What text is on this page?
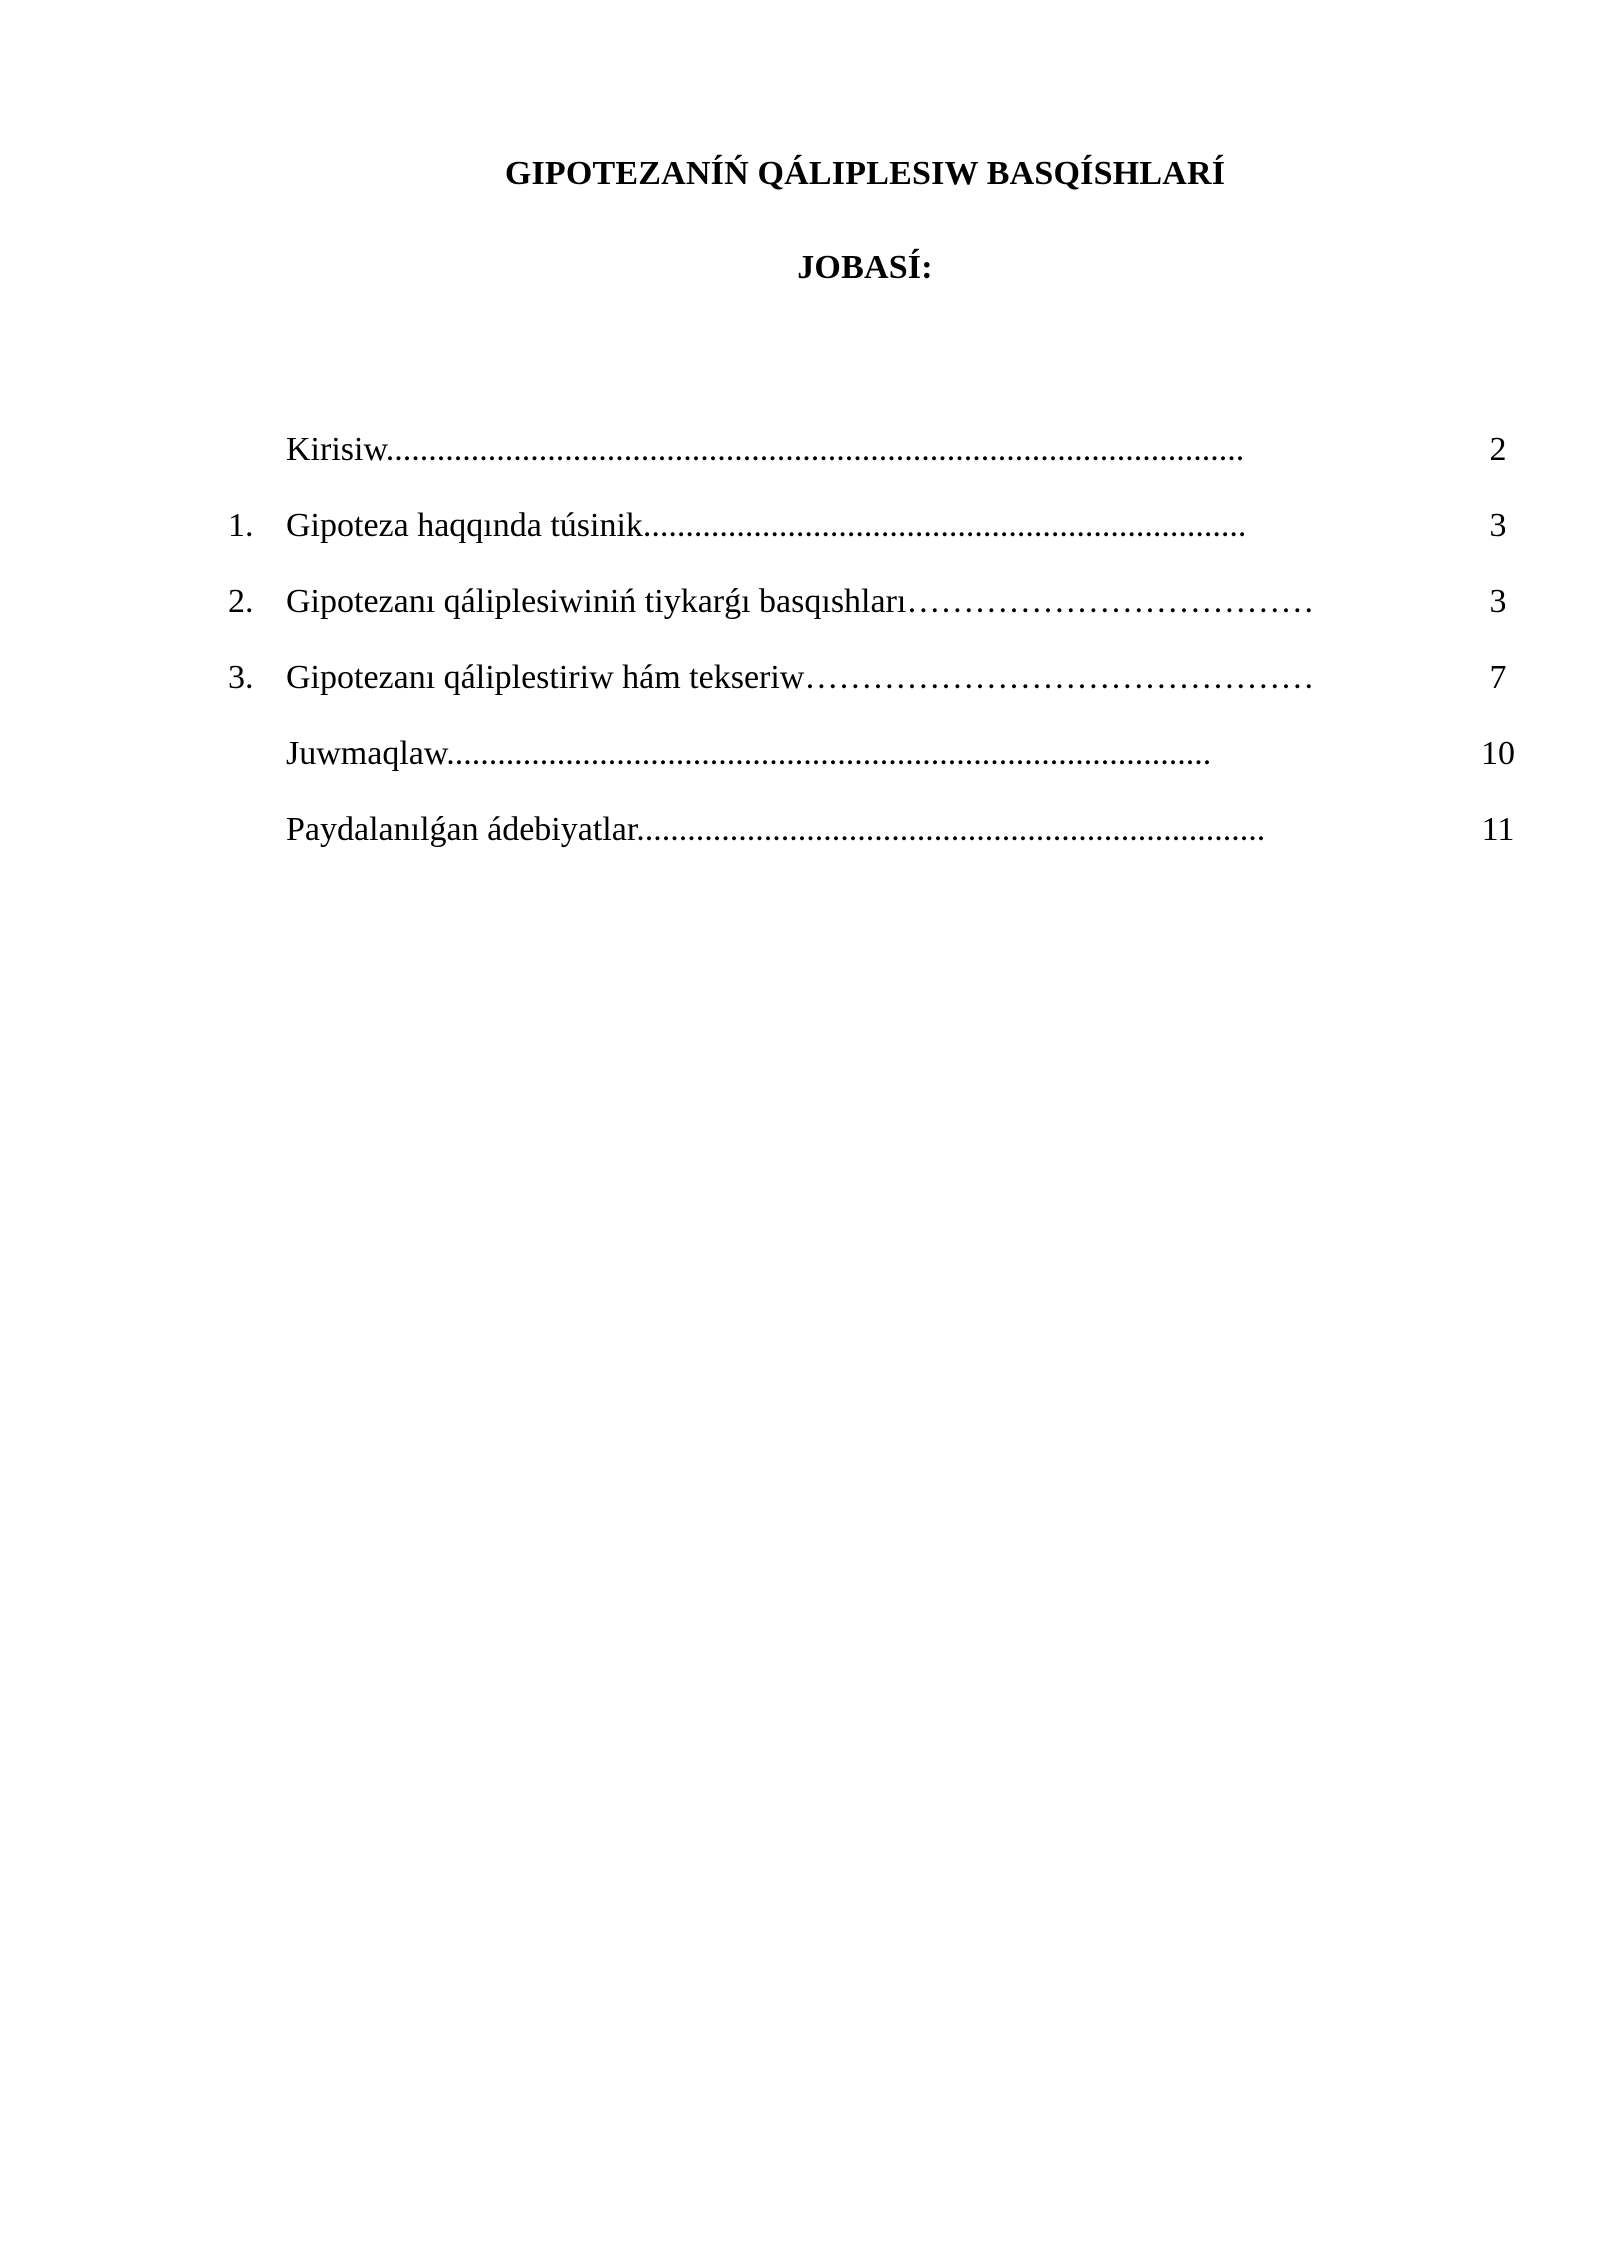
GIPOTEZANÍŃ QÁLIPLESIW BASQÍSHLARÍ
JOBASÍ:
Kirisiw.....................................................................................................	2
1. Gipoteza haqqında túsinik.......................................................................	3
2. Gipotezanı qáliplesiwiniń tiykarǵı basqıshları………………………………	3
3. Gipotezanı qáliplestiriw hám tekseriw………………………………………	7
Juwmaqlaw..........................................................................................	10
Paydalanılǵan ádebiyatlar..........................................................................	11
